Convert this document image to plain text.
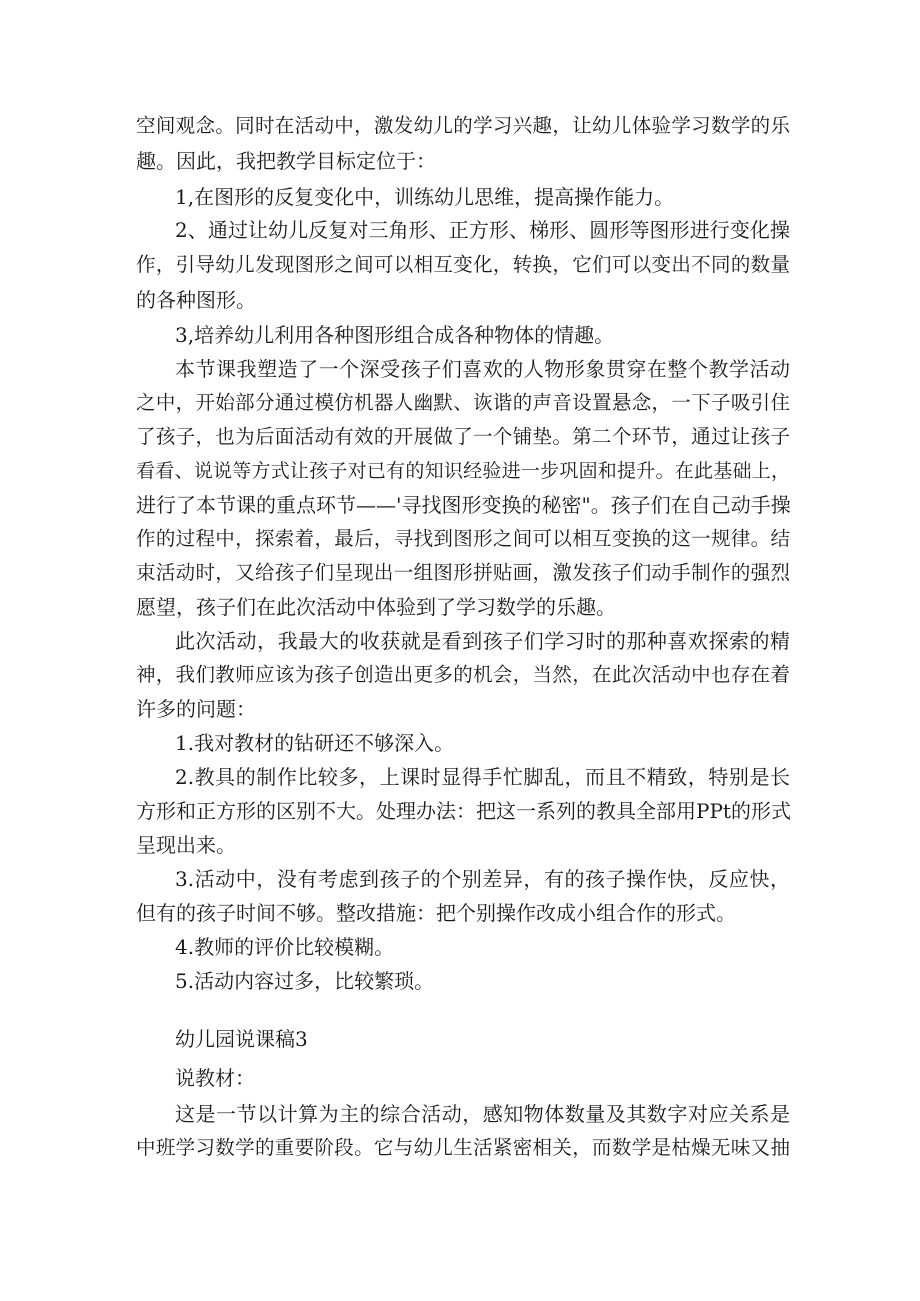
空间观念。同时在活动中，激发幼儿的学习兴趣，让幼儿体验学习数学的乐

趣。因此，我把教学目标定位于：

1,在图形的反复变化中，训练幼儿思维，提高操作能力。

2、通过让幼儿反复对三角形、正方形、梯形、圆形等图形进行变化操

作，引导幼儿发现图形之间可以相互变化，转换，它们可以变出不同的数量

的各种图形。

3,培养幼儿利用各种图形组合成各种物体的情趣。

本节课我塑造了一个深受孩子们喜欢的人物形象贯穿在整个教学活动

之中，开始部分通过模仿机器人幽默、诙谐的声音设置悬念，一下子吸引住

了孩子，也为后面活动有效的开展做了一个铺垫。第二个环节，通过让孩子

看看、说说等方式让孩子对已有的知识经验进一步巩固和提升。在此基础上，

进行了本节课的重点环节——'寻找图形变换的秘密"。孩子们在自己动手操

作的过程中，探索着，最后，寻找到图形之间可以相互变换的这一规律。结

束活动时，又给孩子们呈现出一组图形拼贴画，激发孩子们动手制作的强烈

愿望，孩子们在此次活动中体验到了学习数学的乐趣。

此次活动，我最大的收获就是看到孩子们学习时的那种喜欢探索的精

神，我们教师应该为孩子创造出更多的机会，当然，在此次活动中也存在着

许多的问题：

1.我对教材的钻研还不够深入。

2.教具的制作比较多，上课时显得手忙脚乱，而且不精致，特别是长

方形和正方形的区别不大。处理办法：把这一系列的教具全部用PPt的形式

呈现出来。

3.活动中，没有考虑到孩子的个别差异，有的孩子操作快，反应快，

但有的孩子时间不够。整改措施：把个别操作改成小组合作的形式。

4.教师的评价比较模糊。

5.活动内容过多，比较繁琐。

幼儿园说课稿3

说教材：

这是一节以计算为主的综合活动，感知物体数量及其数字对应关系是

中班学习数学的重要阶段。它与幼儿生活紧密相关，而数学是枯燥无味又抽
